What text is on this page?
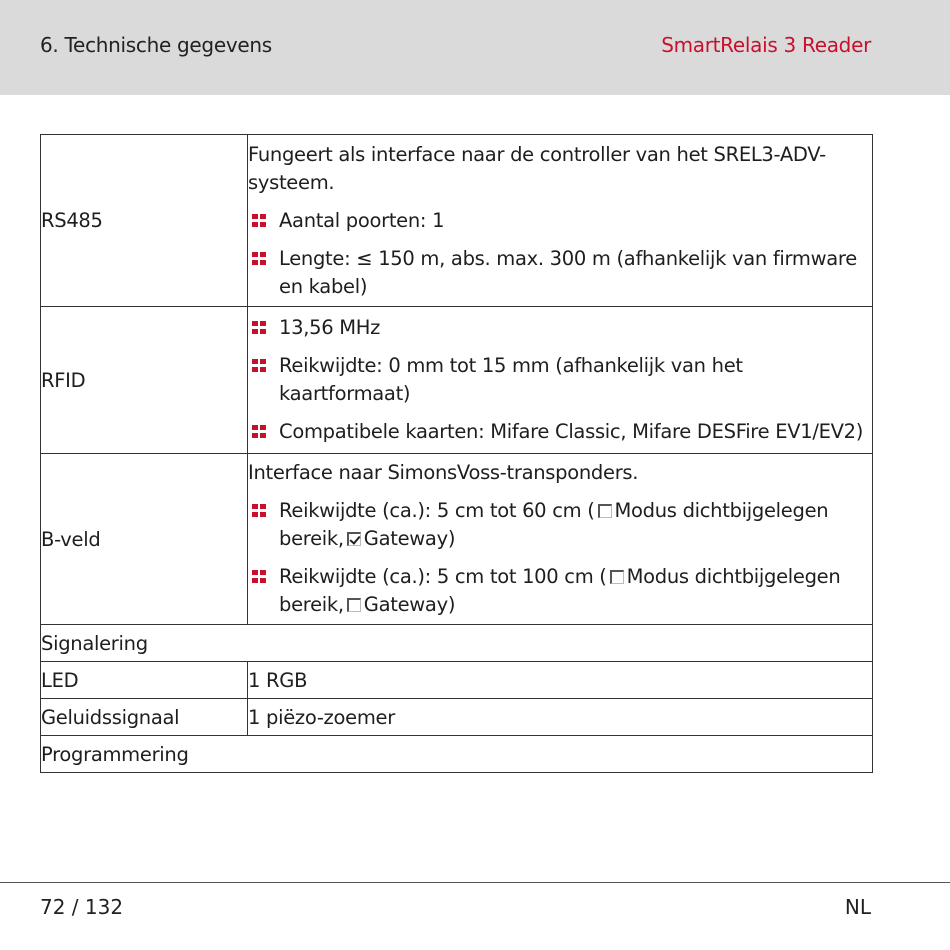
6. Technische gegevens	SmartRelais 3 Reader
RS485	Fungeert als interface naar de controller van het SREL3-ADV-systeem.
Aantal poorten: 1
Lengte: ≤ 150 m, abs. max. 300 m (afhankelijk van firmware en kabel)

RFID	13,56 MHz
Reikwijdte: 0 mm tot 15 mm (afhankelijk van het kaartformaat)
Compatibele kaarten: Mifare Classic, Mifare DESFire EV1/EV2)

B-veld	Interface naar SimonsVoss-transponders.
Reikwijdte (ca.): 5 cm tot 60 cm ( Modus dichtbijgelegen bereik, Gateway)
Reikwijdte (ca.): 5 cm tot 100 cm ( Modus dichtbijgelegen bereik, Gateway)

Signalering	
LED	1 RGB
Geluidssignaal	1 piëzo-zoemer
Programmering	
72 / 132	NL
